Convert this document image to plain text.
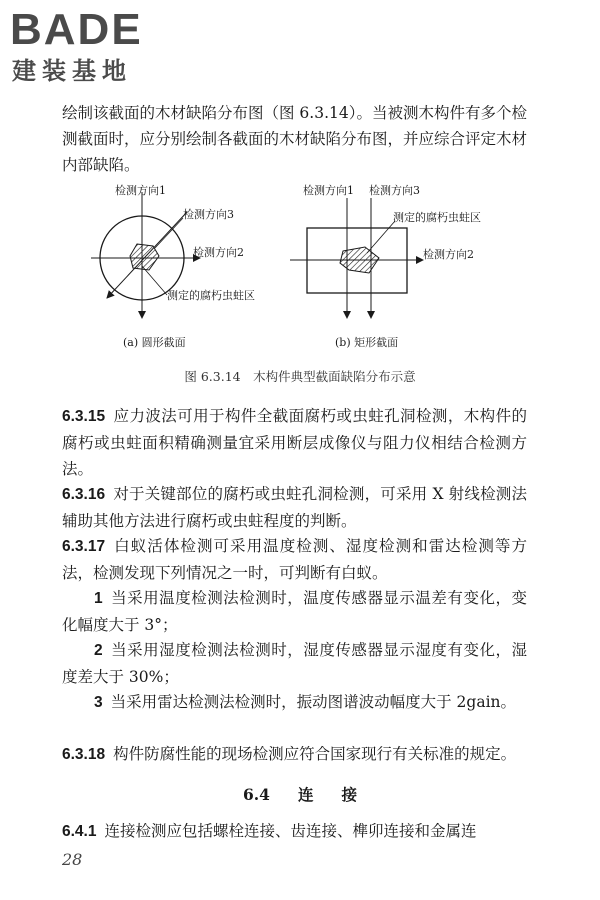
BADE
建装基地

绘制该截面的木材缺陷分布图（图 6.3.14）。当被测木构件有多个检测截面时，应分别绘制各截面的木材缺陷分布图，并应综合评定木材内部缺陷。

检测方向1
检测方向3
检测方向2
测定的腐朽虫蛀区
(a) 圆形截面
检测方向1 检测方向3
测定的腐朽虫蛀区
检测方向2
(b) 矩形截面
图 6.3.14　木构件典型截面缺陷分布示意

6.3.15 应力波法可用于构件全截面腐朽或虫蛀孔洞检测，木构件的腐朽或虫蛀面积精确测量宜采用断层成像仪与阻力仪相结合检测方法。

6.3.16 对于关键部位的腐朽或虫蛀孔洞检测，可采用 X 射线检测法辅助其他方法进行腐朽或虫蛀程度的判断。

6.3.17 白蚁活体检测可采用温度检测、湿度检测和雷达检测等方法，检测发现下列情况之一时，可判断有白蚁。

1 当采用温度检测法检测时，温度传感器显示温差有变化，变化幅度大于 3°；

2 当采用湿度检测法检测时，湿度传感器显示湿度有变化，湿度差大于 30%；

3 当采用雷达检测法检测时，振动图谱波动幅度大于 2gain。

6.3.18 构件防腐性能的现场检测应符合国家现行有关标准的规定。

6.4 连 接

6.4.1 连接检测应包括螺栓连接、齿连接、榫卯连接和金属连

28
